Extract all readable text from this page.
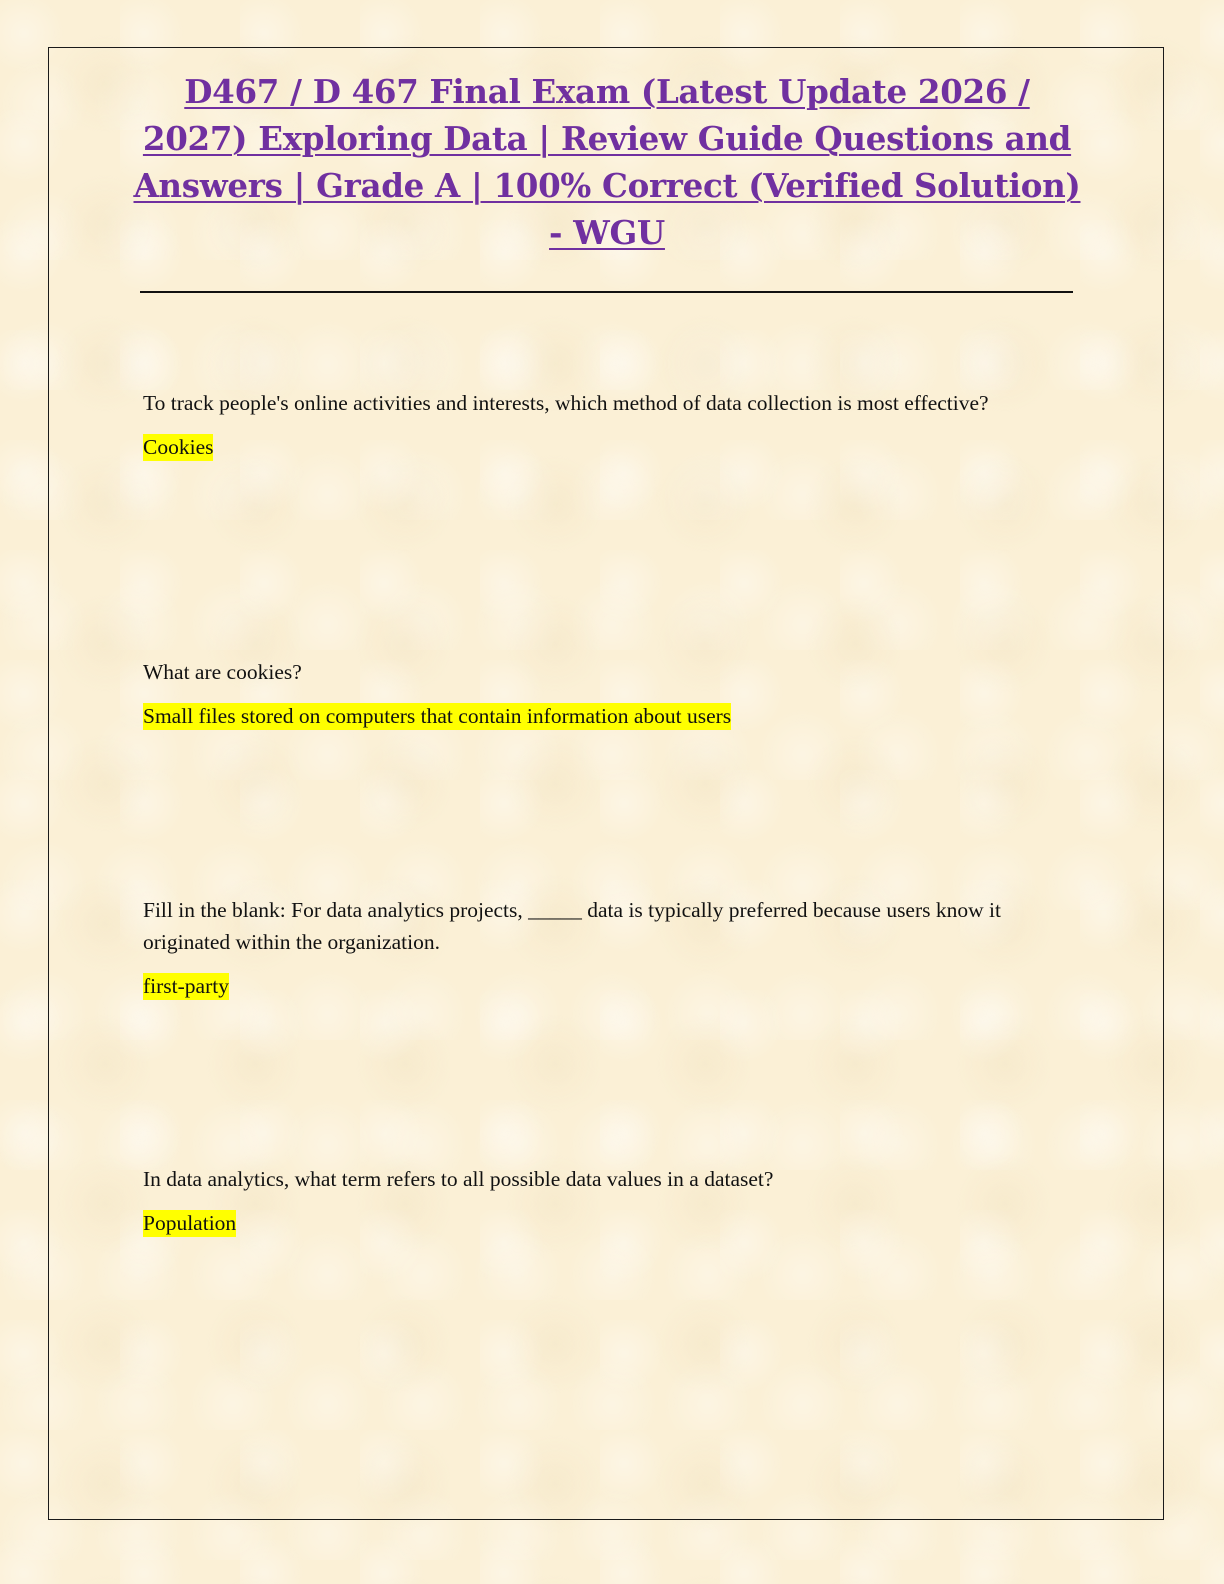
D467 / D 467 Final Exam (Latest Update 2026 / 2027) Exploring Data | Review Guide Questions and Answers | Grade A | 100% Correct (Verified Solution) - WGU

To track people's online activities and interests, which method of data collection is most effective?

Cookies

What are cookies?

Small files stored on computers that contain information about users

Fill in the blank: For data analytics projects, _____ data is typically preferred because users know it originated within the organization.

first-party

In data analytics, what term refers to all possible data values in a dataset?

Population
